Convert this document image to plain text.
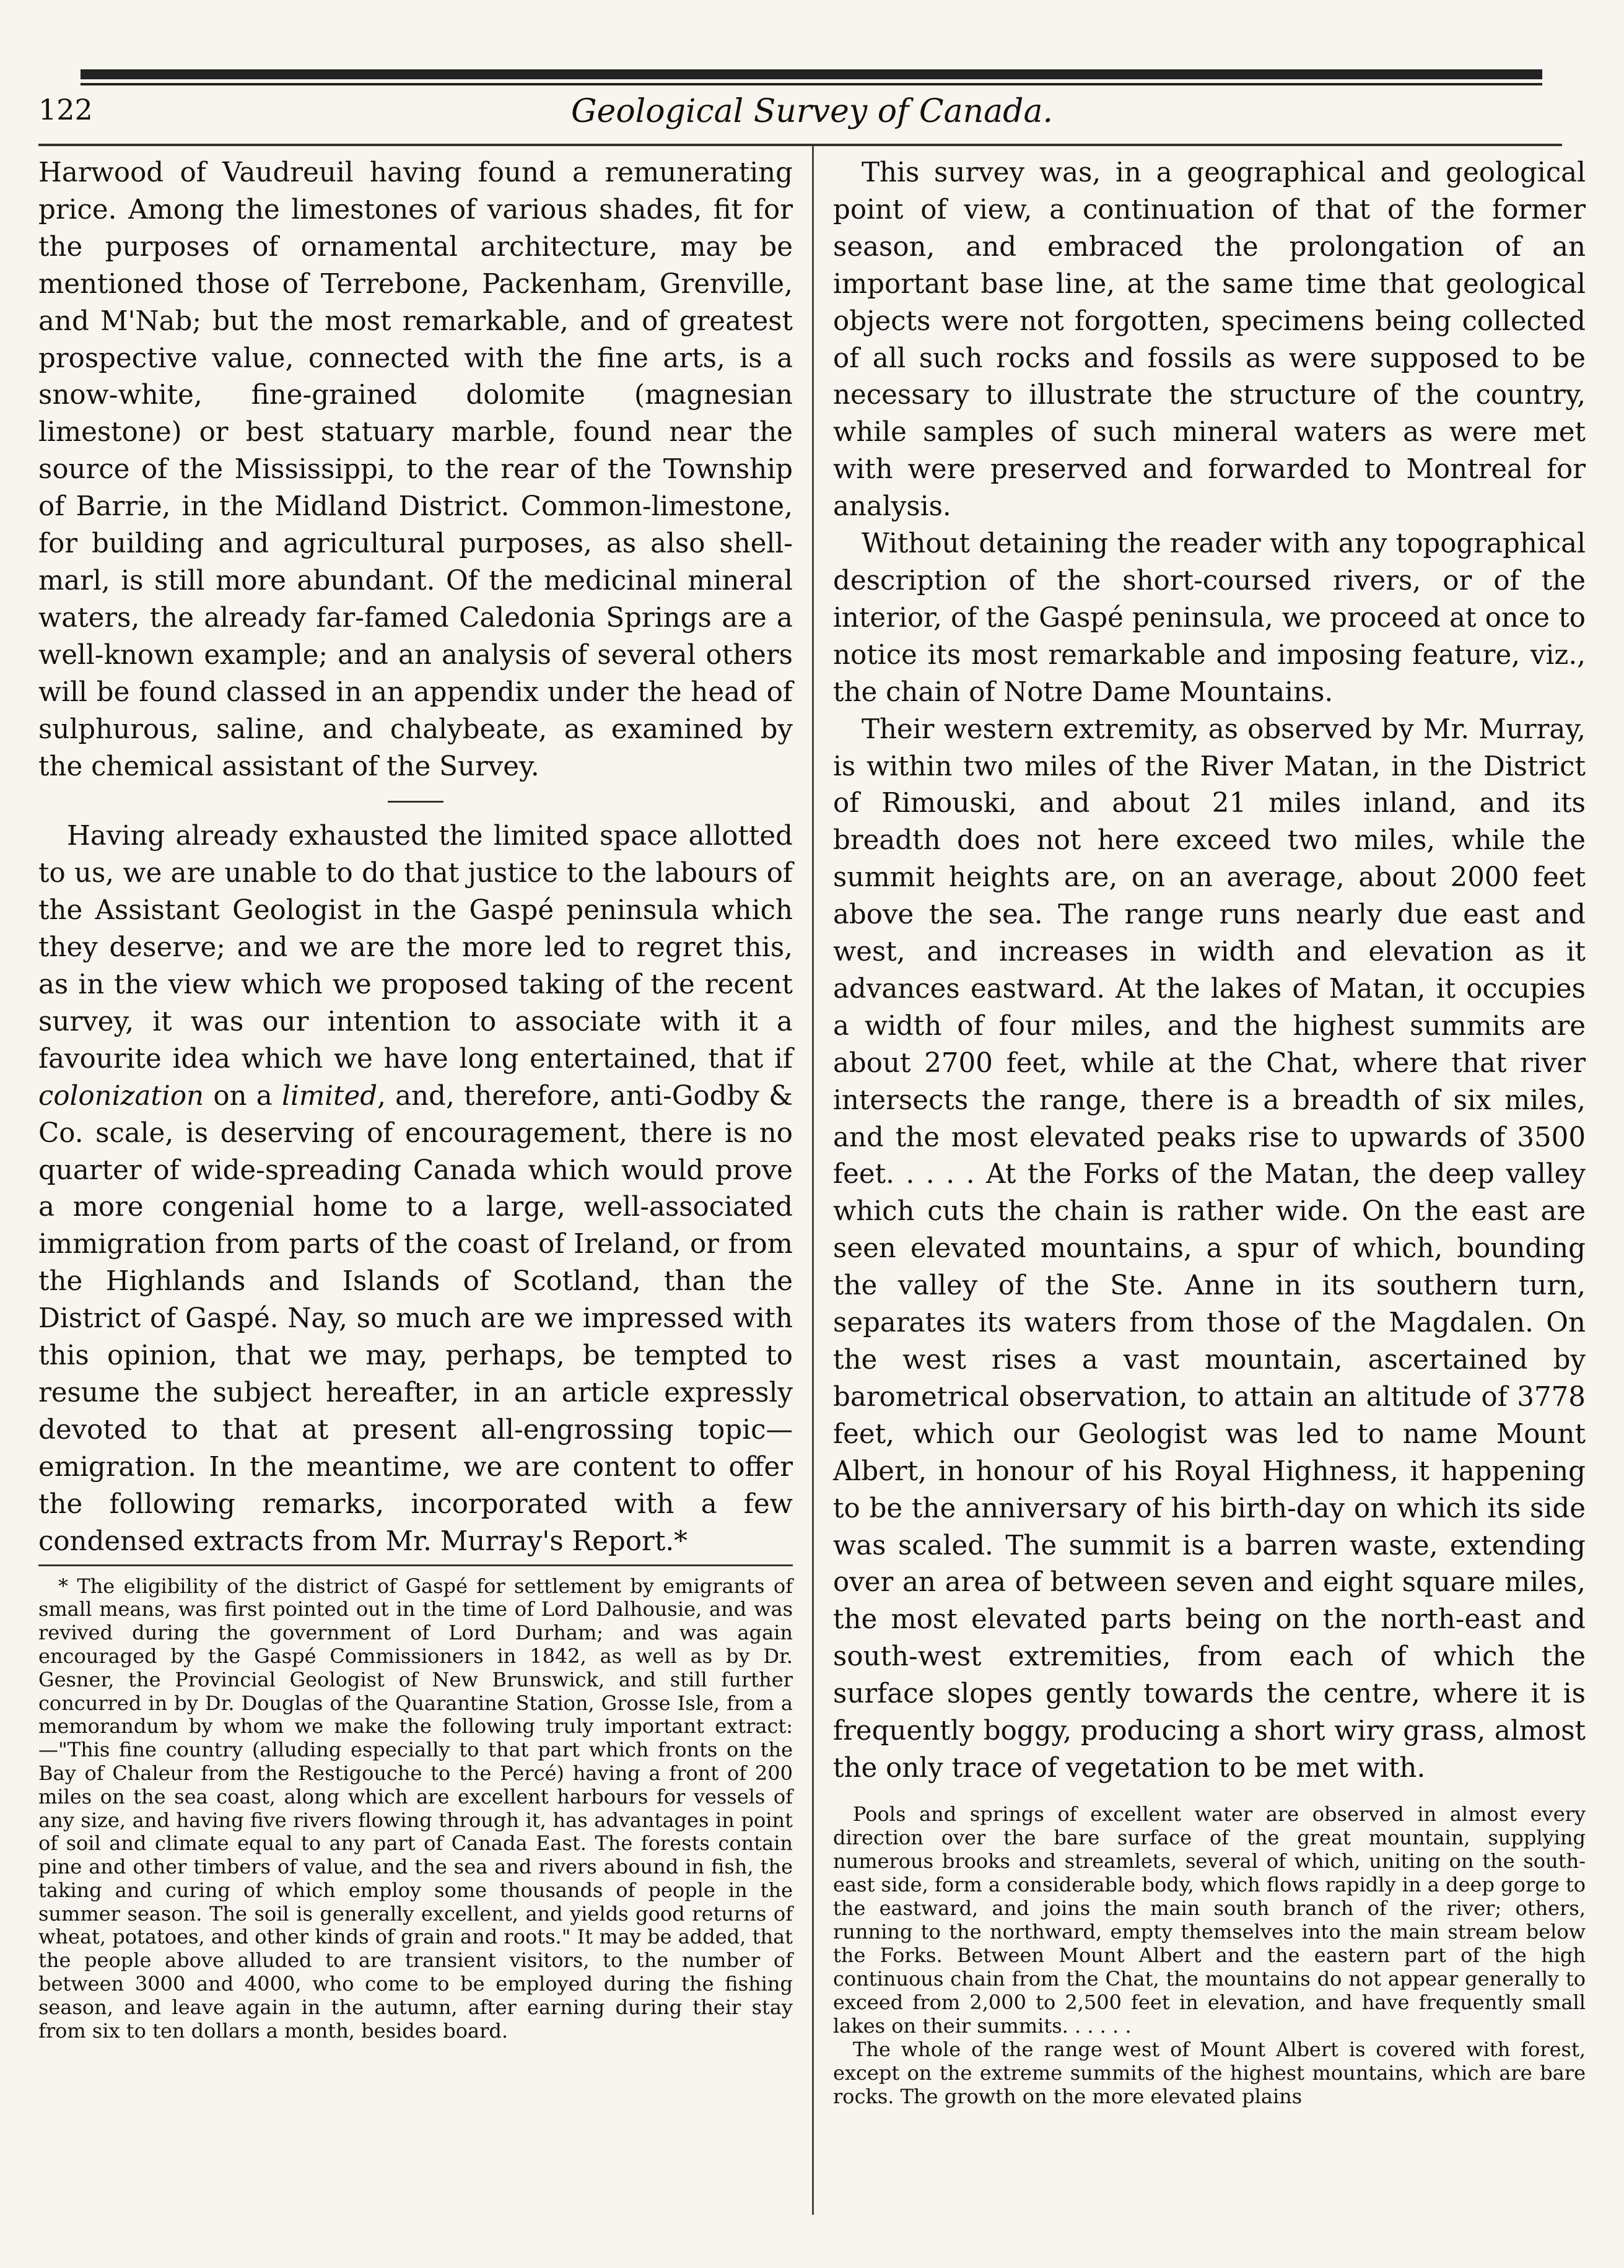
122	Geological Survey of Canada.

Harwood of Vaudreuil having found a remunerating price. Among the limestones of various shades, fit for the purposes of ornamental architecture, may be mentioned those of Terrebone, Packenham, Grenville, and M'Nab; but the most remarkable, and of greatest prospective value, connected with the fine arts, is a snow-white, fine-grained dolomite (magnesian limestone) or best statuary marble, found near the source of the Mississippi, to the rear of the Township of Barrie, in the Midland District. Common-limestone, for building and agricultural purposes, as also shell-marl, is still more abundant. Of the medicinal mineral waters, the already far-famed Caledonia Springs are a well-known example; and an analysis of several others will be found classed in an appendix under the head of sulphurous, saline, and chalybeate, as examined by the chemical assistant of the Survey.

Having already exhausted the limited space allotted to us, we are unable to do that justice to the labours of the Assistant Geologist in the Gaspé peninsula which they deserve; and we are the more led to regret this, as in the view which we proposed taking of the recent survey, it was our intention to associate with it a favourite idea which we have long entertained, that if colonization on a limited, and, therefore, anti-Godby & Co. scale, is deserving of encouragement, there is no quarter of wide-spreading Canada which would prove a more congenial home to a large, well-associated immigration from parts of the coast of Ireland, or from the Highlands and Islands of Scotland, than the District of Gaspé. Nay, so much are we impressed with this opinion, that we may, perhaps, be tempted to resume the subject hereafter, in an article expressly devoted to that at present all-engrossing topic—emigration. In the meantime, we are content to offer the following remarks, incorporated with a few condensed extracts from Mr. Murray's Report.*

* The eligibility of the district of Gaspé for settlement by emigrants of small means, was first pointed out in the time of Lord Dalhousie, and was revived during the government of Lord Durham; and was again encouraged by the Gaspé Commissioners in 1842, as well as by Dr. Gesner, the Provincial Geologist of New Brunswick, and still further concurred in by Dr. Douglas of the Quarantine Station, Grosse Isle, from a memorandum by whom we make the following truly important extract:—"This fine country (alluding especially to that part which fronts on the Bay of Chaleur from the Restigouche to the Percé) having a front of 200 miles on the sea coast, along which are excellent harbours for vessels of any size, and having five rivers flowing through it, has advantages in point of soil and climate equal to any part of Canada East. The forests contain pine and other timbers of value, and the sea and rivers abound in fish, the taking and curing of which employ some thousands of people in the summer season. The soil is generally excellent, and yields good returns of wheat, potatoes, and other kinds of grain and roots." It may be added, that the people above alluded to are transient visitors, to the number of between 3000 and 4000, who come to be employed during the fishing season, and leave again in the autumn, after earning during their stay from six to ten dollars a month, besides board.

This survey was, in a geographical and geological point of view, a continuation of that of the former season, and embraced the prolongation of an important base line, at the same time that geological objects were not forgotten, specimens being collected of all such rocks and fossils as were supposed to be necessary to illustrate the structure of the country, while samples of such mineral waters as were met with were preserved and forwarded to Montreal for analysis.

Without detaining the reader with any topographical description of the short-coursed rivers, or of the interior, of the Gaspé peninsula, we proceed at once to notice its most remarkable and imposing feature, viz., the chain of Notre Dame Mountains.

Their western extremity, as observed by Mr. Murray, is within two miles of the River Matan, in the District of Rimouski, and about 21 miles inland, and its breadth does not here exceed two miles, while the summit heights are, on an average, about 2000 feet above the sea. The range runs nearly due east and west, and increases in width and elevation as it advances eastward. At the lakes of Matan, it occupies a width of four miles, and the highest summits are about 2700 feet, while at the Chat, where that river intersects the range, there is a breadth of six miles, and the most elevated peaks rise to upwards of 3500 feet. . . . . At the Forks of the Matan, the deep valley which cuts the chain is rather wide. On the east are seen elevated mountains, a spur of which, bounding the valley of the Ste. Anne in its southern turn, separates its waters from those of the Magdalen. On the west rises a vast mountain, ascertained by barometrical observation, to attain an altitude of 3778 feet, which our Geologist was led to name Mount Albert, in honour of his Royal Highness, it happening to be the anniversary of his birth-day on which its side was scaled. The summit is a barren waste, extending over an area of between seven and eight square miles, the most elevated parts being on the north-east and south-west extremities, from each of which the surface slopes gently towards the centre, where it is frequently boggy, producing a short wiry grass, almost the only trace of vegetation to be met with.

Pools and springs of excellent water are observed in almost every direction over the bare surface of the great mountain, supplying numerous brooks and streamlets, several of which, uniting on the south-east side, form a considerable body, which flows rapidly in a deep gorge to the eastward, and joins the main south branch of the river; others, running to the northward, empty themselves into the main stream below the Forks. Between Mount Albert and the eastern part of the high continuous chain from the Chat, the mountains do not appear generally to exceed from 2,000 to 2,500 feet in elevation, and have frequently small lakes on their summits. . . . . .

The whole of the range west of Mount Albert is covered with forest, except on the extreme summits of the highest mountains, which are bare rocks. The growth on the more elevated plains
